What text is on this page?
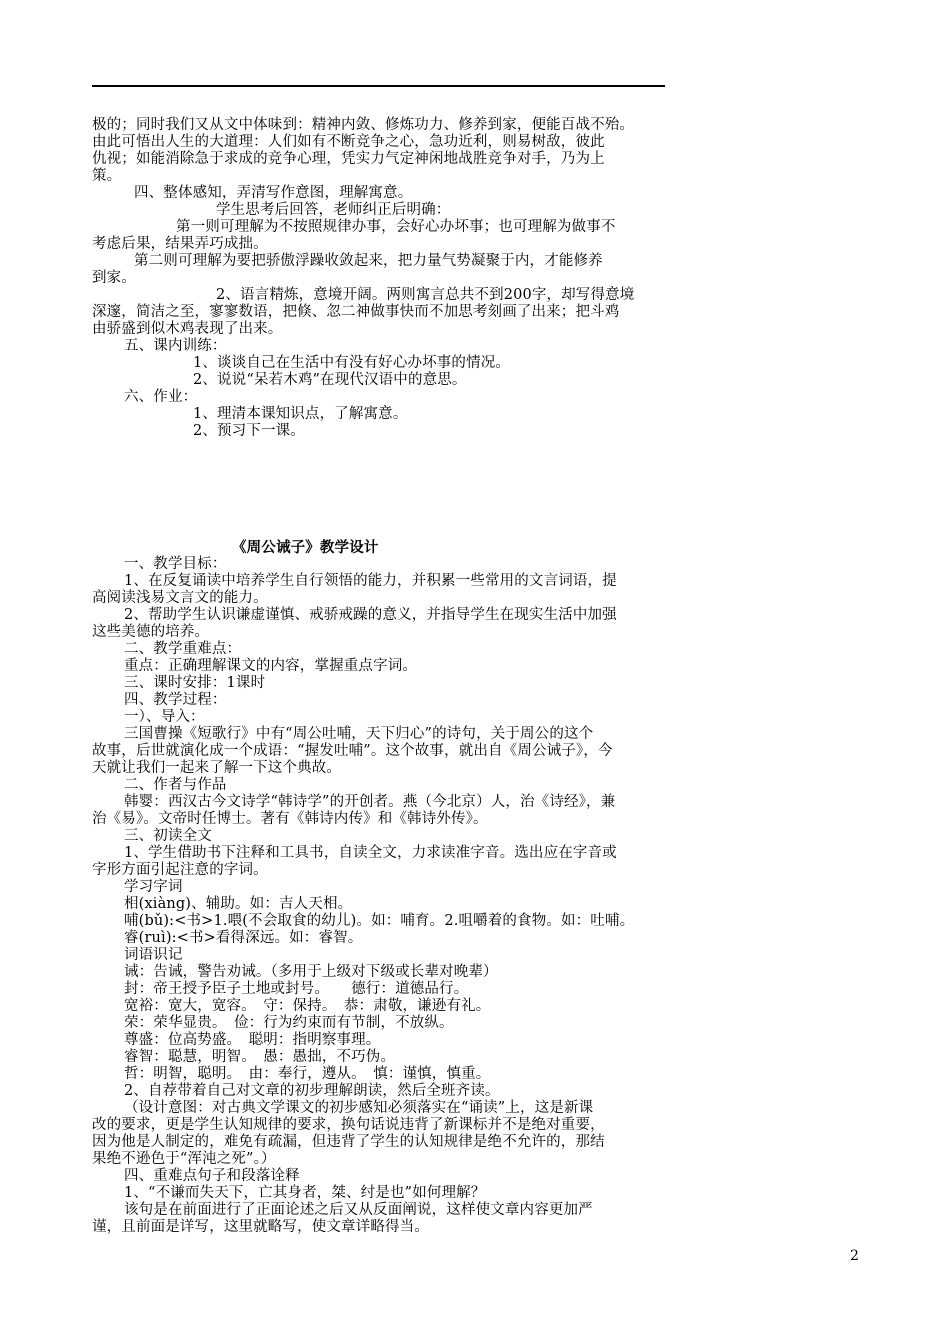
极的；同时我们又从文中体味到：精神内敛、修炼功力、修养到家，便能百战不殆。
由此可悟出人生的大道理：人们如有不断竞争之心，急功近利，则易树敌，彼此
仇视；如能消除急于求成的竞争心理，凭实力气定神闲地战胜竞争对手，乃为上
策。
四、整体感知，弄清写作意图，理解寓意。
学生思考后回答，老师纠正后明确：
第一则可理解为不按照规律办事，会好心办坏事；也可理解为做事不
考虑后果，结果弄巧成拙。
第二则可理解为要把骄傲浮躁收敛起来，把力量气势凝聚于内，才能修养
到家。
2、语言精炼，意境开阔。两则寓言总共不到200字，却写得意境
深邃，简洁之至，寥寥数语，把倏、忽二神做事快而不加思考刻画了出来；把斗鸡
由骄盛到似木鸡表现了出来。
五、课内训练：
1、谈谈自己在生活中有没有好心办坏事的情况。
2、说说“呆若木鸡”在现代汉语中的意思。
六、作业：
1、理清本课知识点，了解寓意。
2、预习下一课。
《周公诫子》教学设计
一、教学目标：
1、在反复诵读中培养学生自行领悟的能力，并积累一些常用的文言词语，提
高阅读浅易文言文的能力。
2、帮助学生认识谦虚谨慎、戒骄戒躁的意义，并指导学生在现实生活中加强
这些美德的培养。
二、教学重难点：
重点：正确理解课文的内容，掌握重点字词。
三、课时安排：1课时
四、教学过程：
一）、导入：
三国曹操《短歌行》中有“周公吐哺，天下归心”的诗句，关于周公的这个
故事，后世就演化成一个成语：“握发吐哺”。这个故事，就出自《周公诫子》，今
天就让我们一起来了解一下这个典故。
二、作者与作品
韩婴：西汉古今文诗学“韩诗学”的开创者。燕（今北京）人，治《诗经》，兼
治《易》。文帝时任博士。著有《韩诗内传》和《韩诗外传》。
三、初读全文
1、学生借助书下注释和工具书，自读全文，力求读准字音。选出应在字音或
字形方面引起注意的字词。
学习字词
相(xiàng)、辅助。如：吉人天相。
哺(bǔ):<书>1.喂(不会取食的幼儿)。如：哺育。2.咀嚼着的食物。如：吐哺。
睿(ruì):<书>看得深远。如：睿智。
词语识记
诫：告诫，警告劝诫。（多用于上级对下级或长辈对晚辈）
封：帝王授予臣子土地或封号。　　德行：道德品行。
宽裕：宽大，宽容。　守：保持。　恭：肃敬，谦逊有礼。
荣：荣华显贵。　俭：行为约束而有节制，不放纵。
尊盛：位高势盛。　聪明：指明察事理。
睿智：聪慧，明智。　愚：愚拙，不巧伪。
哲：明智，聪明。　由：奉行，遵从。　慎：谨慎，慎重。
2、自荐带着自己对文章的初步理解朗读，然后全班齐读。
（设计意图：对古典文学课文的初步感知必须落实在“诵读”上，这是新课
改的要求，更是学生认知规律的要求，换句话说违背了新课标并不是绝对重要，
因为他是人制定的，难免有疏漏，但违背了学生的认知规律是绝不允许的，那结
果绝不逊色于“浑沌之死”。）
四、重难点句子和段落诠释
1、“不谦而失天下，亡其身者，桀、纣是也”如何理解？
该句是在前面进行了正面论述之后又从反面阐说，这样使文章内容更加严
谨，且前面是详写，这里就略写，使文章详略得当。
2
